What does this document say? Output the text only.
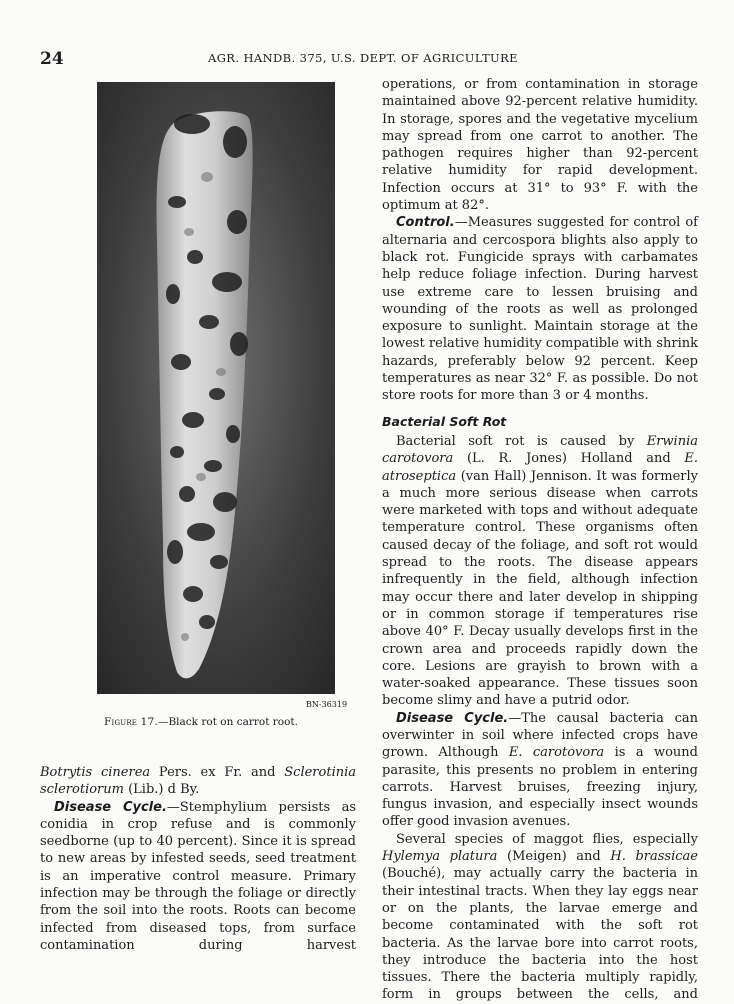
24	AGR. HANDB. 375, U.S. DEPT. OF AGRICULTURE
BN-36319
Figure 17.—Black rot on carrot root.

Botrytis cinerea Pers. ex Fr. and Sclerotinia sclerotiorum (Lib.) d By.

Disease Cycle.—Stemphylium persists as conidia in crop refuse and is commonly seedborne (up to 40 percent). Since it is spread to new areas by infested seeds, seed treatment is an imperative control measure. Primary infection may be through the foliage or directly from the soil into the roots. Roots can become infected from diseased tops, from surface contamination during harvest

operations, or from contamination in storage maintained above 92-percent relative humidity. In storage, spores and the vegetative mycelium may spread from one carrot to another. The pathogen requires higher than 92-percent relative humidity for rapid development. Infection occurs at 31° to 93° F. with the optimum at 82°.

Control.—Measures suggested for control of alternaria and cercospora blights also apply to black rot. Fungicide sprays with carbamates help reduce foliage infection. During harvest use extreme care to lessen bruising and wounding of the roots as well as prolonged exposure to sunlight. Maintain storage at the lowest relative humidity compatible with shrink hazards, preferably below 92 percent. Keep temperatures as near 32° F. as possible. Do not store roots for more than 3 or 4 months.

Bacterial Soft Rot

Bacterial soft rot is caused by Erwinia carotovora (L. R. Jones) Holland and E. atroseptica (van Hall) Jennison. It was formerly a much more serious disease when carrots were marketed with tops and without adequate temperature control. These organisms often caused decay of the foliage, and soft rot would spread to the roots. The disease appears infrequently in the field, although infection may occur there and later develop in shipping or in common storage if temperatures rise above 40° F. Decay usually develops first in the crown area and proceeds rapidly down the core. Lesions are grayish to brown with a water-soaked appearance. These tissues soon become slimy and have a putrid odor.

Disease Cycle.—The causal bacteria can overwinter in soil where infected crops have grown. Although E. carotovora is a wound parasite, this presents no problem in entering carrots. Harvest bruises, freezing injury, fungus invasion, and especially insect wounds offer good invasion avenues.

Several species of maggot flies, especially Hylemya platura (Meigen) and H. brassicae (Bouché), may actually carry the bacteria in their intestinal tracts. When they lay eggs near or on the plants, the larvae emerge and become contaminated with the soft rot bacteria. As the larvae bore into carrot roots, they introduce the bacteria into the host tissues. There the bacteria multiply rapidly, form in groups between the cells, and
